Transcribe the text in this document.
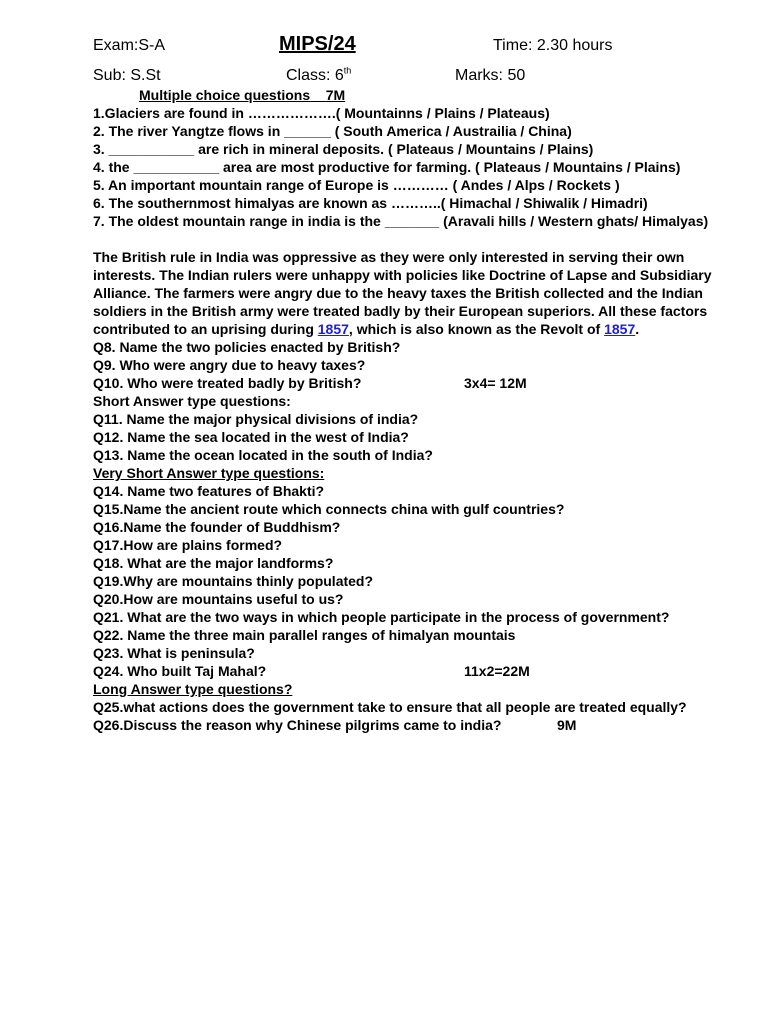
Exam:S-A	MIPS/24	Time: 2.30 hours
Sub: S.St	Class: 6th	Marks: 50
Multiple choice questions 7M
1.Glaciers are found in ……………….( Mountainns / Plains / Plateaus)
2. The river Yangtze flows in ______ ( South America / Austrailia / China)
3. ___________ are rich in mineral deposits. ( Plateaus / Mountains / Plains)
4. the ___________ area are most productive for farming. ( Plateaus / Mountains / Plains)
5. An important mountain range of Europe is ………… ( Andes / Alps / Rockets )
6. The southernmost himalyas are known as ………..( Himachal / Shiwalik / Himadri)
7. The oldest mountain range in india is the _______ (Aravali hills / Western ghats/ Himalyas)
The British rule in India was oppressive as they were only interested in serving their own
interests. The Indian rulers were unhappy with policies like Doctrine of Lapse and Subsidiary
Alliance. The farmers were angry due to the heavy taxes the British collected and the Indian
soldiers in the British army were treated badly by their European superiors. All these factors
contributed to an uprising during 1857, which is also known as the Revolt of 1857.
Q8. Name the two policies enacted by British?
Q9. Who were angry due to heavy taxes?
Q10. Who were treated badly by British?	3x4= 12M
Short Answer type questions:
Q11. Name the major physical divisions of india?
Q12. Name the sea located in the west of India?
Q13. Name the ocean located in the south of India?
Very Short Answer type questions:
Q14. Name two features of Bhakti?
Q15.Name the ancient route which connects china with gulf countries?
Q16.Name the founder of Buddhism?
Q17.How are plains formed?
Q18. What are the major landforms?
Q19.Why are mountains thinly populated?
Q20.How are mountains useful to us?
Q21. What are the two ways in which people participate in the process of government?
Q22. Name the three main parallel ranges of himalyan mountais
Q23. What is peninsula?
Q24. Who built Taj Mahal?	11x2=22M
Long Answer type questions?
Q25.what actions does the government take to ensure that all people are treated equally?
Q26.Discuss the reason why Chinese pilgrims came to india?	9M
